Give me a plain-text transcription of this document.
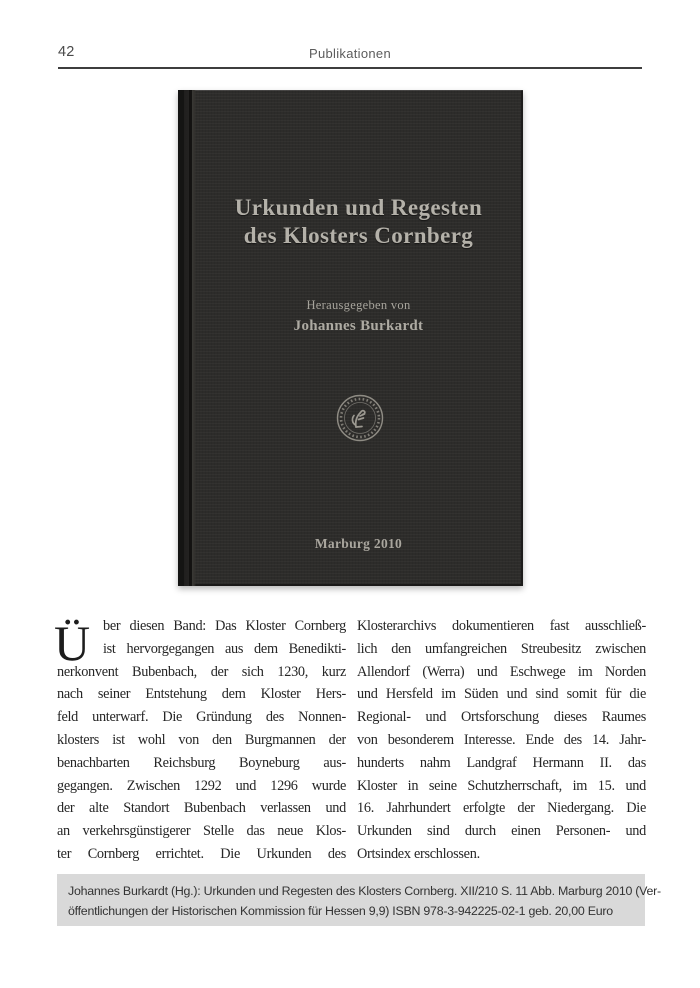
42	Publikationen
Urkunden und Regesten
des Klosters Cornberg
Herausgegeben von
Johannes Burkardt
Marburg 2010
Ü ber diesen Band: Das Kloster Cornberg
ist hervorgegangen aus dem Benedikti-
nerkonvent Bubenbach, der sich 1230, kurz
nach seiner Entstehung dem Kloster Hers-
feld unterwarf. Die Gründung des Nonnen-
klosters ist wohl von den Burgmannen der
benachbarten Reichsburg Boyneburg aus-
gegangen. Zwischen 1292 und 1296 wurde
der alte Standort Bubenbach verlassen und
an verkehrsgünstigerer Stelle das neue Klos-
ter Cornberg errichtet. Die Urkunden des
Klosterarchivs dokumentieren fast ausschließ-
lich den umfangreichen Streubesitz zwischen
Allendorf (Werra) und Eschwege im Norden
und Hersfeld im Süden und sind somit für die
Regional- und Ortsforschung dieses Raumes
von besonderem Interesse. Ende des 14. Jahr-
hunderts nahm Landgraf Hermann II. das
Kloster in seine Schutzherrschaft, im 15. und
16. Jahrhundert erfolgte der Niedergang. Die
Urkunden sind durch einen Personen- und
Ortsindex erschlossen.
Johannes Burkardt (Hg.): Urkunden und Regesten des Klosters Cornberg. XII/210 S. 11 Abb. Marburg 2010 (Ver-
öffentlichungen der Historischen Kommission für Hessen 9,9) ISBN 978-3-942225-02-1 geb. 20,00 Euro
